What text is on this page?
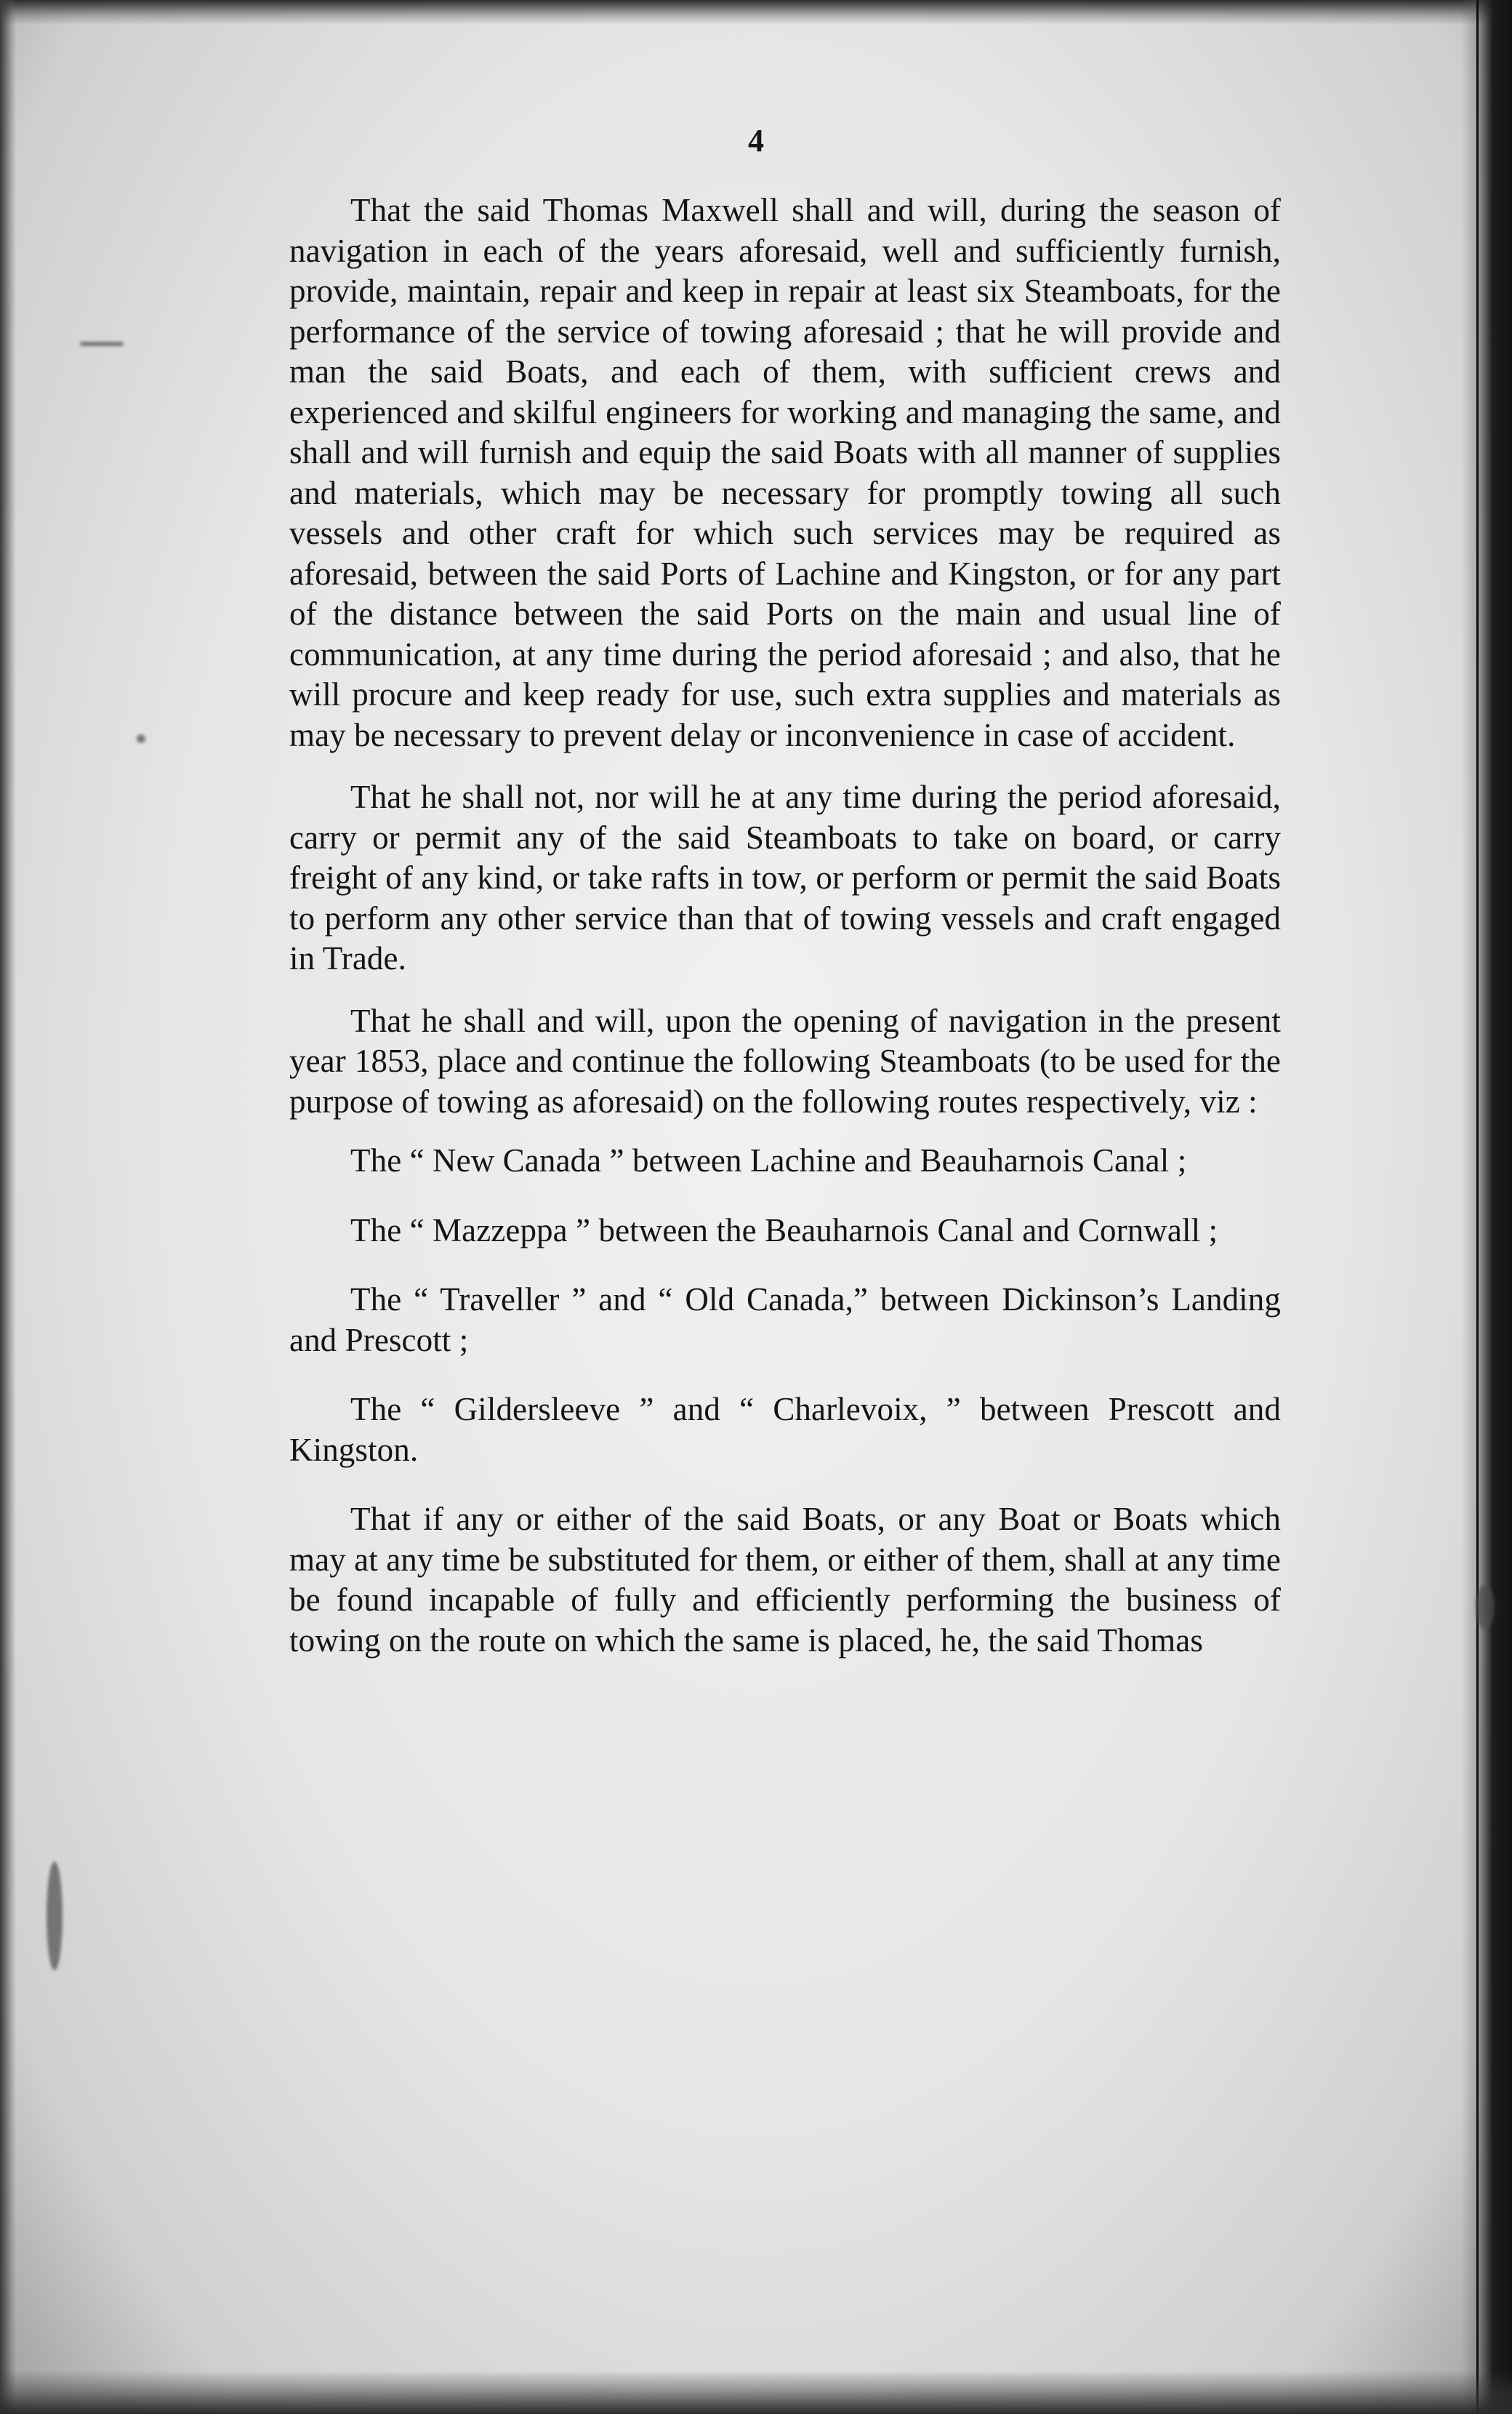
4

That the said Thomas Maxwell shall and will, during the season of navigation in each of the years aforesaid, well and sufficiently furnish, provide, maintain, repair and keep in repair at least six Steamboats, for the performance of the service of towing aforesaid ; that he will provide and man the said Boats, and each of them, with sufficient crews and experienced and skilful engineers for working and managing the same, and shall and will furnish and equip the said Boats with all manner of supplies and materials, which may be necessary for promptly towing all such vessels and other craft for which such services may be required as aforesaid, between the said Ports of Lachine and Kingston, or for any part of the distance between the said Ports on the main and usual line of communication, at any time during the period aforesaid ; and also, that he will procure and keep ready for use, such extra supplies and materials as may be necessary to prevent delay or inconvenience in case of accident.

That he shall not, nor will he at any time during the period aforesaid, carry or permit any of the said Steamboats to take on board, or carry freight of any kind, or take rafts in tow, or perform or permit the said Boats to perform any other service than that of towing vessels and craft engaged in Trade.

That he shall and will, upon the opening of navigation in the present year 1853, place and continue the following Steamboats (to be used for the purpose of towing as aforesaid) on the following routes respectively, viz :

The “ New Canada ” between Lachine and Beauharnois Canal ;

The “ Mazzeppa ” between the Beauharnois Canal and Cornwall ;

The “ Traveller ” and “ Old Canada,” between Dickinson’s Landing and Prescott ;

The “ Gildersleeve ” and “ Charlevoix, ” between Prescott and Kingston.

That if any or either of the said Boats, or any Boat or Boats which may at any time be substituted for them, or either of them, shall at any time be found incapable of fully and efficiently performing the business of towing on the route on which the same is placed, he, the said Thomas
